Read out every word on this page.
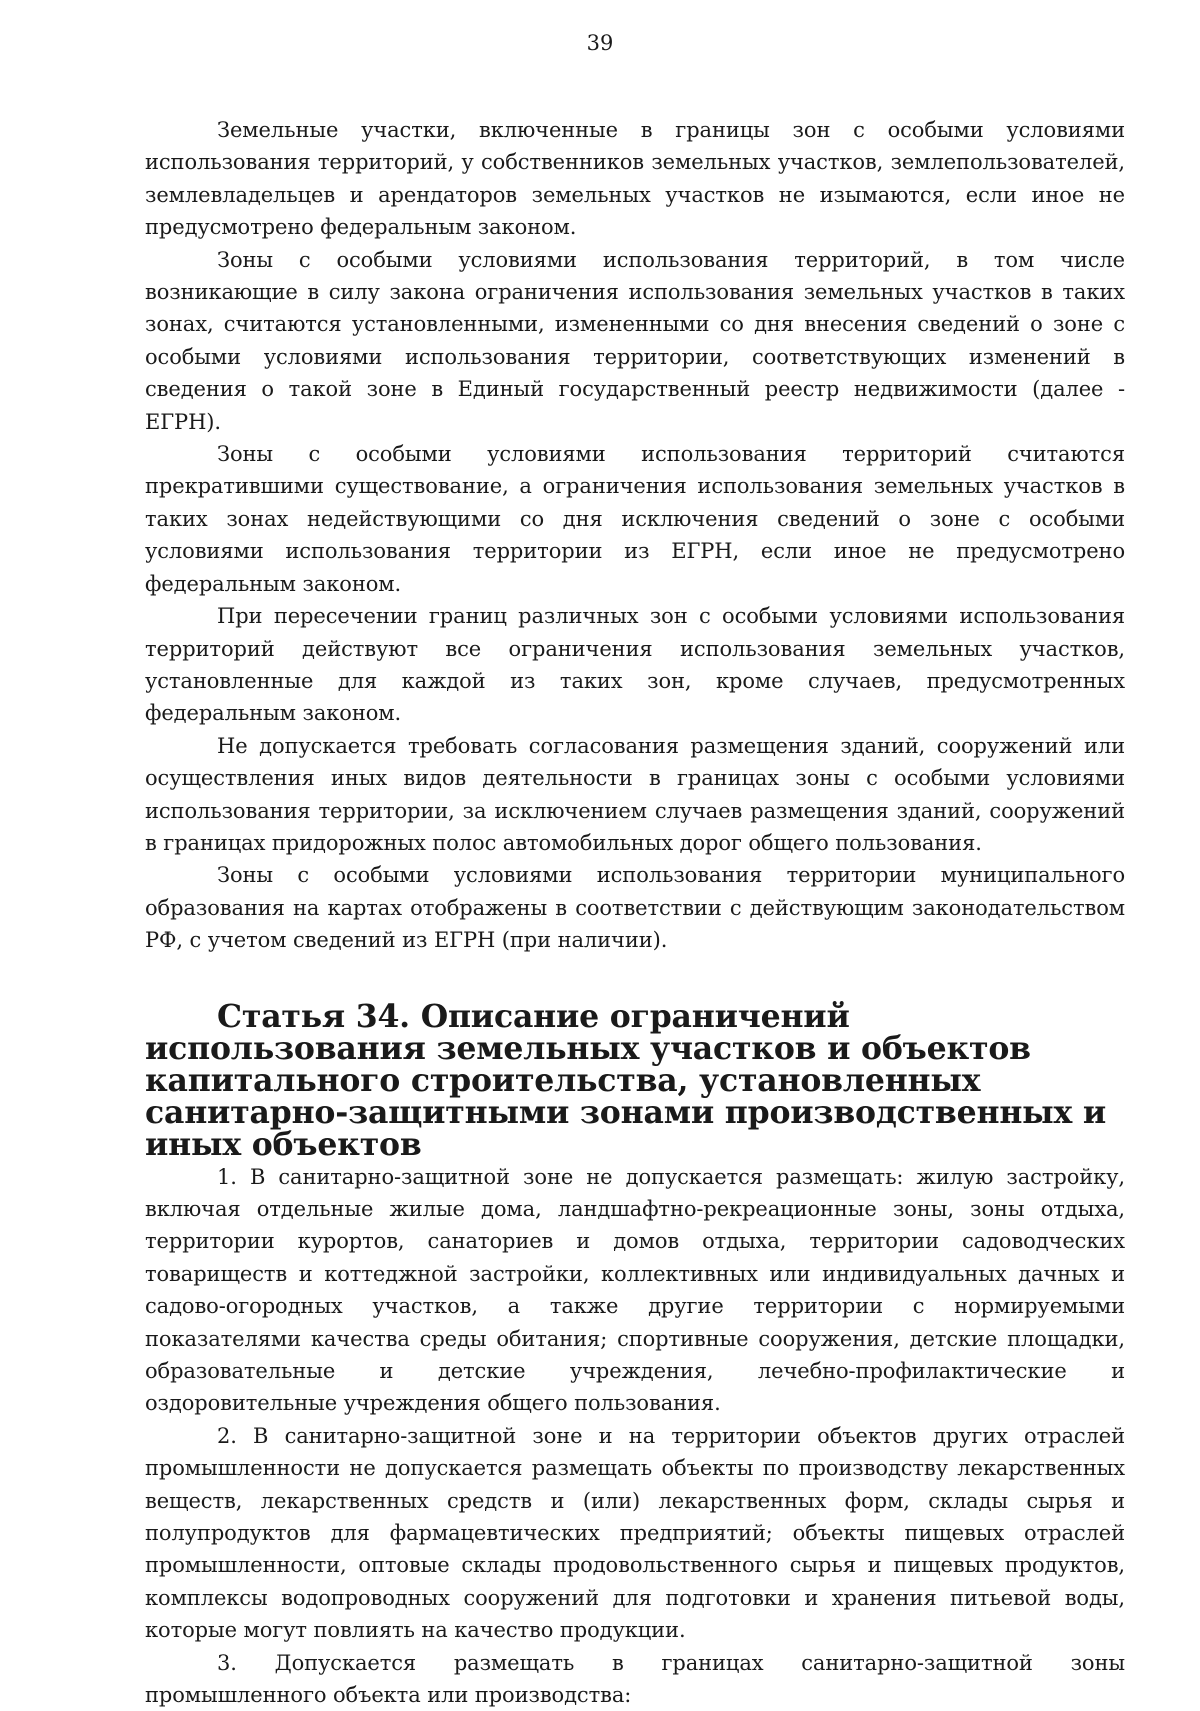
39

Земельные участки, включенные в границы зон с особыми условиями использования территорий, у собственников земельных участков, землепользователей, землевладельцев и арендаторов земельных участков не изымаются, если иное не предусмотрено федеральным законом.

Зоны с особыми условиями использования территорий, в том числе возникающие в силу закона ограничения использования земельных участков в таких зонах, считаются установленными, измененными со дня внесения сведений о зоне с особыми условиями использования территории, соответствующих изменений в сведения о такой зоне в Единый государственный реестр недвижимости (далее - ЕГРН).

Зоны с особыми условиями использования территорий считаются прекратившими существование, а ограничения использования земельных участков в таких зонах недействующими со дня исключения сведений о зоне с особыми условиями использования территории из ЕГРН, если иное не предусмотрено федеральным законом.

При пересечении границ различных зон с особыми условиями использования территорий действуют все ограничения использования земельных участков, установленные для каждой из таких зон, кроме случаев, предусмотренных федеральным законом.

Не допускается требовать согласования размещения зданий, сооружений или осуществления иных видов деятельности в границах зоны с особыми условиями использования территории, за исключением случаев размещения зданий, сооружений в границах придорожных полос автомобильных дорог общего пользования.

Зоны с особыми условиями использования территории муниципального образования на картах отображены в соответствии с действующим законодательством РФ, с учетом сведений из ЕГРН (при наличии).

Статья 34. Описание ограничений использования земельных участков и объектов капитального строительства, установленных санитарно-защитными зонами производственных и иных объектов

1. В санитарно-защитной зоне не допускается размещать: жилую застройку, включая отдельные жилые дома, ландшафтно-рекреационные зоны, зоны отдыха, территории курортов, санаториев и домов отдыха, территории садоводческих товариществ и коттеджной застройки, коллективных или индивидуальных дачных и садово-огородных участков, а также другие территории с нормируемыми показателями качества среды обитания; спортивные сооружения, детские площадки, образовательные и детские учреждения, лечебно-профилактические и оздоровительные учреждения общего пользования.

2. В санитарно-защитной зоне и на территории объектов других отраслей промышленности не допускается размещать объекты по производству лекарственных веществ, лекарственных средств и (или) лекарственных форм, склады сырья и полупродуктов для фармацевтических предприятий; объекты пищевых отраслей промышленности, оптовые склады продовольственного сырья и пищевых продуктов, комплексы водопроводных сооружений для подготовки и хранения питьевой воды, которые могут повлиять на качество продукции.

3. Допускается размещать в границах санитарно-защитной зоны промышленного объекта или производства:
